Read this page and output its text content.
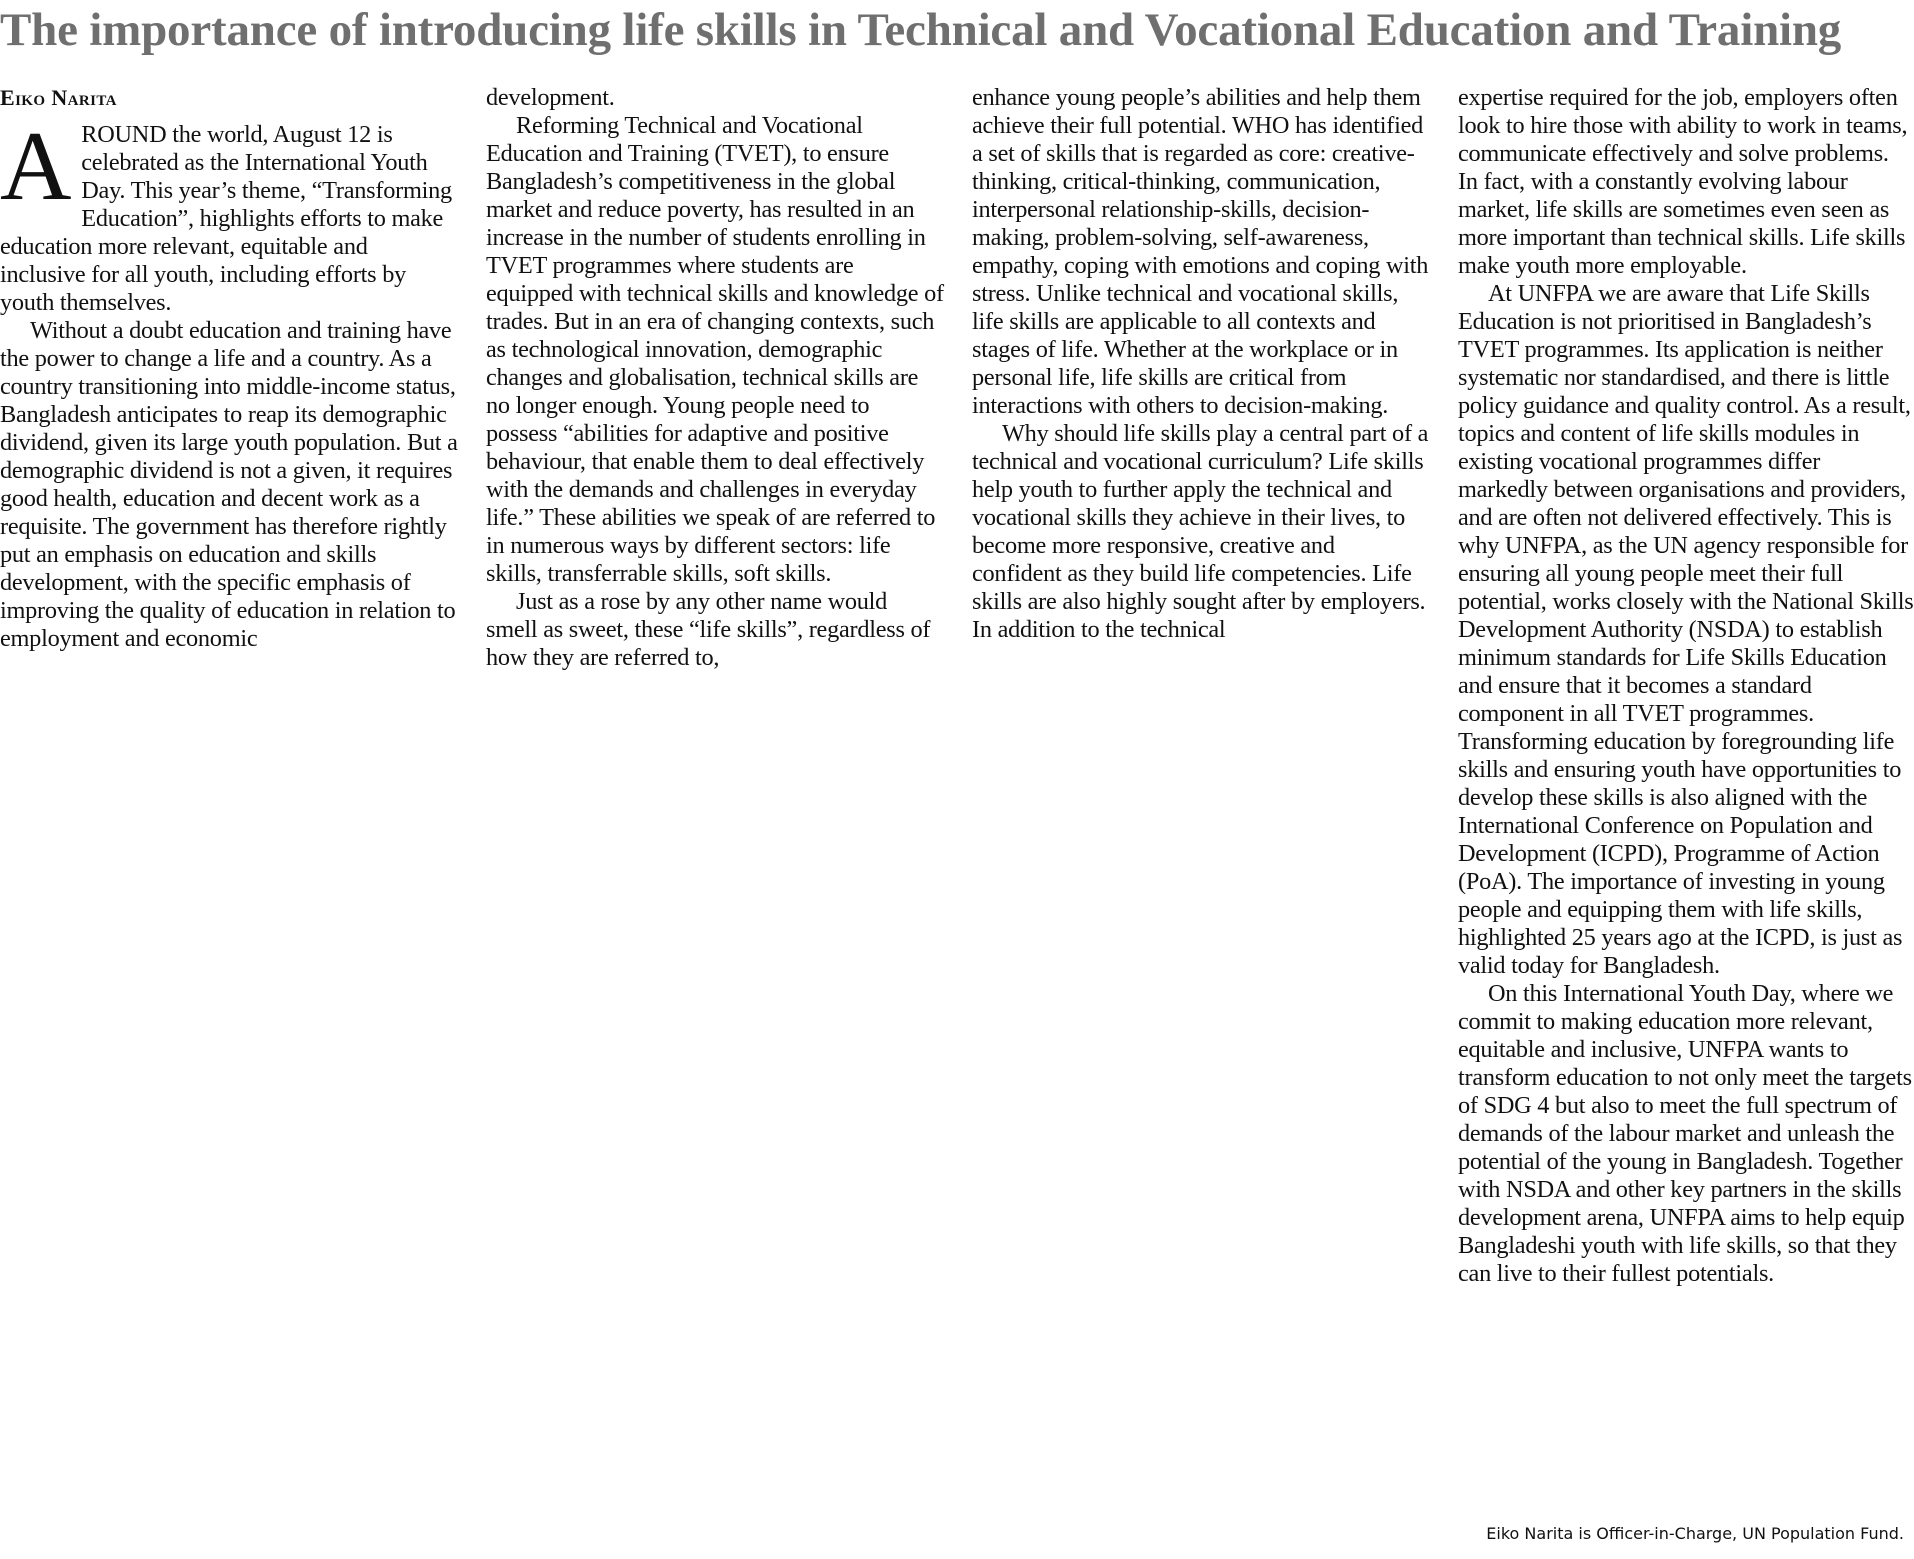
The importance of introducing life skills in Technical and Vocational Education and Training
Eiko Narita

AROUND the world, August 12 is celebrated as the International Youth Day. This year’s theme, “Transforming Education”, highlights efforts to make education more relevant, equitable and inclusive for all youth, including efforts by youth themselves.

Without a doubt education and training have the power to change a life and a country. As a country transitioning into middle-income status, Bangladesh anticipates to reap its demographic dividend, given its large youth population. But a demographic dividend is not a given, it requires good health, education and decent work as a requisite. The government has therefore rightly put an emphasis on education and skills development, with the specific emphasis of improving the quality of education in relation to employment and economic

development.

Reforming Technical and Vocational Education and Training (TVET), to ensure Bangladesh’s competitiveness in the global market and reduce poverty, has resulted in an increase in the number of students enrolling in TVET programmes where students are equipped with technical skills and knowledge of trades. But in an era of changing contexts, such as technological innovation, demographic changes and globalisation, technical skills are no longer enough. Young people need to possess “abilities for adaptive and positive behaviour, that enable them to deal effectively with the demands and challenges in everyday life.” These abilities we speak of are referred to in numerous ways by different sectors: life skills, transferrable skills, soft skills.

Just as a rose by any other name would smell as sweet, these “life skills”, regardless of how they are referred to,

enhance young people’s abilities and help them achieve their full potential. WHO has identified a set of skills that is regarded as core: creative-thinking, critical-thinking, communication, interpersonal relationship-skills, decision-making, problem-solving, self-awareness, empathy, coping with emotions and coping with stress. Unlike technical and vocational skills, life skills are applicable to all contexts and stages of life. Whether at the workplace or in personal life, life skills are critical from interactions with others to decision-making.

Why should life skills play a central part of a technical and vocational curriculum? Life skills help youth to further apply the technical and vocational skills they achieve in their lives, to become more responsive, creative and confident as they build life competencies. Life skills are also highly sought after by employers. In addition to the technical

expertise required for the job, employers often look to hire those with ability to work in teams, communicate effectively and solve problems. In fact, with a constantly evolving labour market, life skills are sometimes even seen as more important than technical skills. Life skills make youth more employable.

At UNFPA we are aware that Life Skills Education is not prioritised in Bangladesh’s TVET programmes. Its application is neither systematic nor standardised, and there is little policy guidance and quality control. As a result, topics and content of life skills modules in existing vocational programmes differ markedly between organisations and providers, and are often not delivered effectively. This is why UNFPA, as the UN agency responsible for ensuring all young people meet their full potential, works closely with the National Skills Development Authority (NSDA) to establish minimum standards for Life Skills Education and ensure that it becomes a standard component in all TVET programmes. Transforming education by foregrounding life skills and ensuring youth have opportunities to develop these skills is also aligned with the International Conference on Population and Development (ICPD), Programme of Action (PoA). The importance of investing in young people and equipping them with life skills, highlighted 25 years ago at the ICPD, is just as valid today for Bangladesh.

On this International Youth Day, where we commit to making education more relevant, equitable and inclusive, UNFPA wants to transform education to not only meet the targets of SDG 4 but also to meet the full spectrum of demands of the labour market and unleash the potential of the young in Bangladesh. Together with NSDA and other key partners in the skills development arena, UNFPA aims to help equip Bangladeshi youth with life skills, so that they can live to their fullest potentials.

Eiko Narita is Officer-in-Charge, UN Population Fund.
